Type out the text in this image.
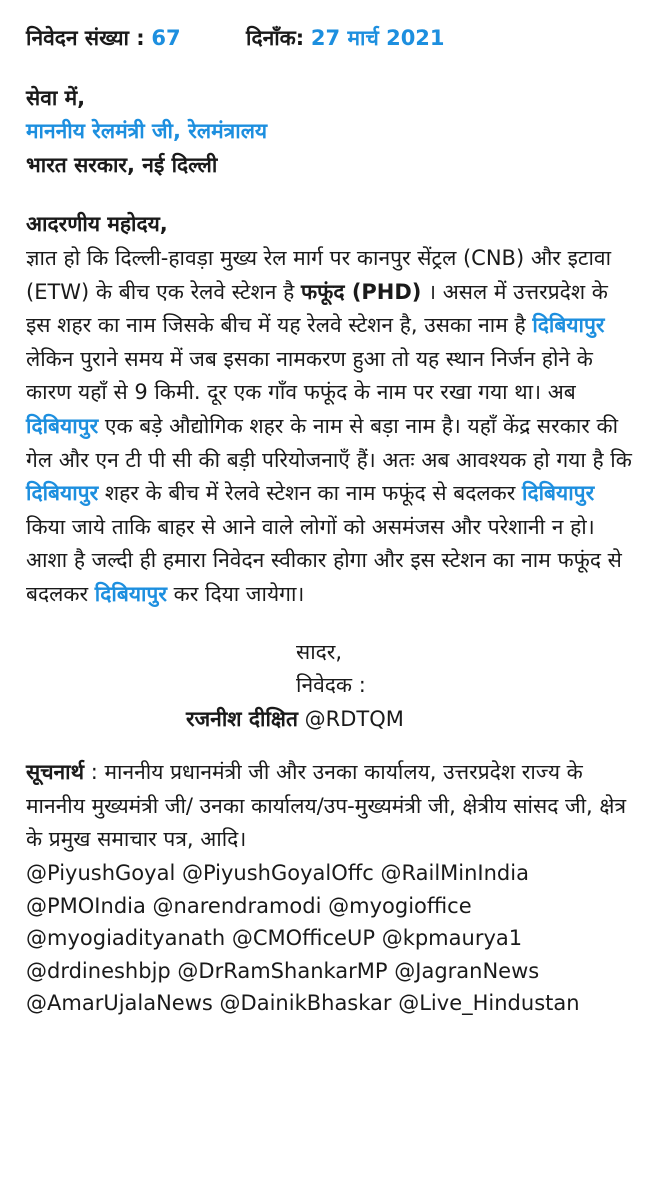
निवेदन संख्या : 67	दिनाँक: 27 मार्च 2021
सेवा में,
माननीय रेलमंत्री जी, रेलमंत्रालय
भारत सरकार, नई दिल्ली
आदरणीय महोदय,

ज्ञात हो कि दिल्ली-हावड़ा मुख्य रेल मार्ग पर कानपुर सेंट्रल (CNB) और इटावा (ETW) के बीच एक रेलवे स्टेशन है फफूंद (PHD) । असल में उत्तरप्रदेश के इस शहर का नाम जिसके बीच में यह रेलवे स्टेशन है, उसका नाम है दिबियापुर लेकिन पुराने समय में जब इसका नामकरण हुआ तो यह स्थान निर्जन होने के कारण यहाँ से 9 किमी. दूर एक गाँव फफूंद के नाम पर रखा गया था। अब दिबियापुर एक बड़े औद्योगिक शहर के नाम से बड़ा नाम है। यहाँ केंद्र सरकार की गेल और एन टी पी सी की बड़ी परियोजनाएँ हैं। अतः अब आवश्यक हो गया है कि दिबियापुर शहर के बीच में रेलवे स्टेशन का नाम फफूंद से बदलकर दिबियापुर किया जाये ताकि बाहर से आने वाले लोगों को असमंजस और परेशानी न हो। आशा है जल्दी ही हमारा निवेदन स्वीकार होगा और इस स्टेशन का नाम फफूंद से बदलकर दिबियापुर कर दिया जायेगा।

सादर,
निवेदक :
रजनीश दीक्षित @RDTQM

सूचनार्थ : माननीय प्रधानमंत्री जी और उनका कार्यालय, उत्तरप्रदेश राज्य के माननीय मुख्यमंत्री जी/ उनका कार्यालय/उप-मुख्यमंत्री जी, क्षेत्रीय सांसद जी, क्षेत्र के प्रमुख समाचार पत्र, आदि।

@PiyushGoyal @PiyushGoyalOffc @RailMinIndia @PMOIndia @narendramodi @myogioffice @myogiadityanath @CMOfficeUP @kpmaurya1 @drdineshbjp @DrRamShankarMP @JagranNews @AmarUjalaNews @DainikBhaskar @Live_Hindustan
